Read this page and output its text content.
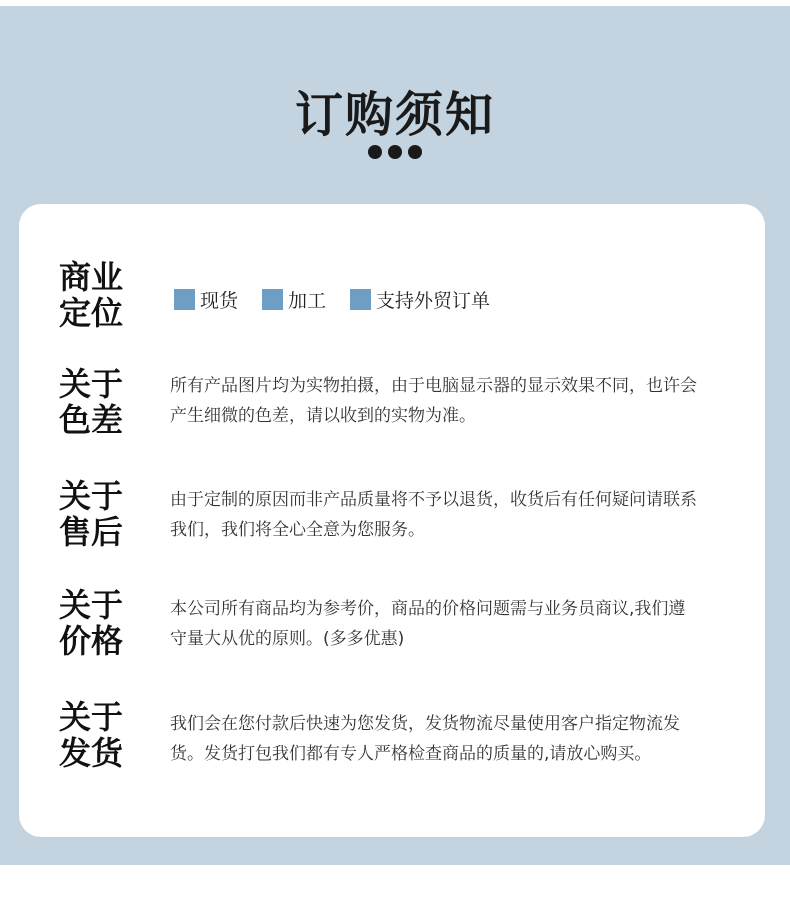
订购须知
商业
定位	现货	加工	支持外贸订单
关于
色差
所有产品图片均为实物拍摄，由于电脑显示器的显示效果不同，也许会
产生细微的色差，请以收到的实物为准。
关于
售后
由于定制的原因而非产品质量将不予以退货，收货后有任何疑问请联系
我们，我们将全心全意为您服务。
关于
价格
本公司所有商品均为参考价，商品的价格问题需与业务员商议,我们遵
守量大从优的原则。(多多优惠)
关于
发货
我们会在您付款后快速为您发货，发货物流尽量使用客户指定物流发
货。发货打包我们都有专人严格检查商品的质量的,请放心购买。
